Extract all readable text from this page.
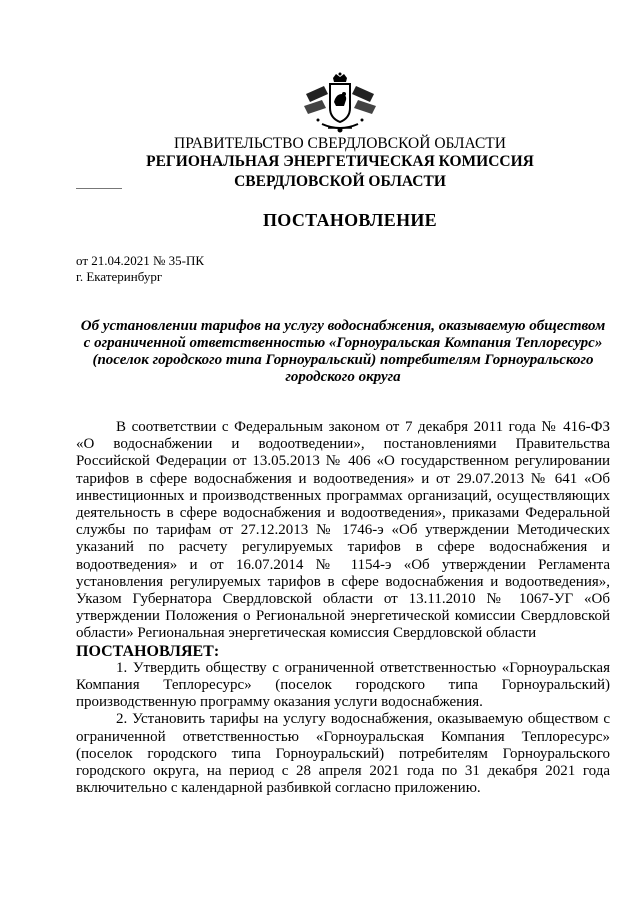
ПРАВИТЕЛЬСТВО СВЕРДЛОВСКОЙ ОБЛАСТИ
РЕГИОНАЛЬНАЯ ЭНЕРГЕТИЧЕСКАЯ КОМИССИЯ
СВЕРДЛОВСКОЙ ОБЛАСТИ
ПОСТАНОВЛЕНИЕ
от 21.04.2021 № 35-ПК
г. Екатеринбург
Об установлении тарифов на услугу водоснабжения, оказываемую обществом с ограниченной ответственностью «Горноуральская Компания Теплоресурс» (поселок городского типа Горноуральский) потребителям Горноуральского городского округа

В соответствии с Федеральным законом от 7 декабря 2011 года № 416-ФЗ «О водоснабжении и водоотведении», постановлениями Правительства Российской Федерации от 13.05.2013 № 406 «О государственном регулировании тарифов в сфере водоснабжения и водоотведения» и от 29.07.2013 № 641 «Об инвестиционных и производственных программах организаций, осуществляющих деятельность в сфере водоснабжения и водоотведения», приказами Федеральной службы по тарифам от 27.12.2013 № 1746-э «Об утверждении Методических указаний по расчету регулируемых тарифов в сфере водоснабжения и водоотведения» и от 16.07.2014 № 1154-э «Об утверждении Регламента установления регулируемых тарифов в сфере водоснабжения и водоотведения», Указом Губернатора Свердловской области от 13.11.2010 № 1067-УГ «Об утверждении Положения о Региональной энергетической комиссии Свердловской области» Региональная энергетическая комиссия Свердловской области

ПОСТАНОВЛЯЕТ:

1. Утвердить обществу с ограниченной ответственностью «Горноуральская Компания Теплоресурс» (поселок городского типа Горноуральский) производственную программу оказания услуги водоснабжения.

2. Установить тарифы на услугу водоснабжения, оказываемую обществом с ограниченной ответственностью «Горноуральская Компания Теплоресурс» (поселок городского типа Горноуральский) потребителям Горноуральского городского округа, на период с 28 апреля 2021 года по 31 декабря 2021 года включительно с календарной разбивкой согласно приложению.
